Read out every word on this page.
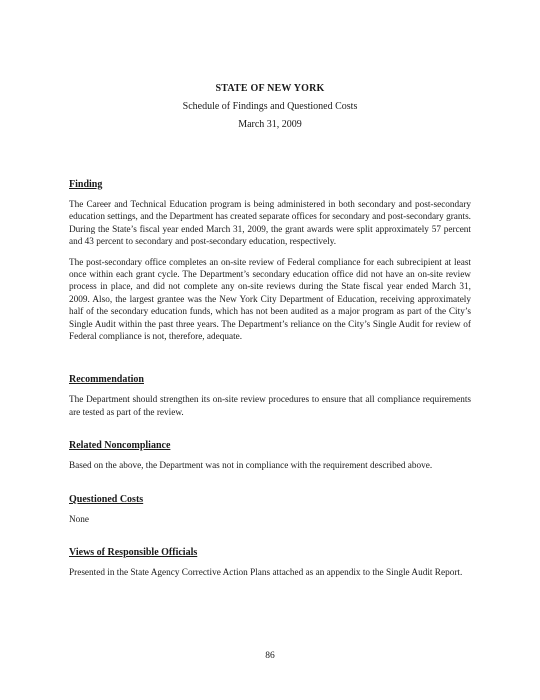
STATE OF NEW YORK
Schedule of Findings and Questioned Costs
March 31, 2009
Finding

The Career and Technical Education program is being administered in both secondary and post-secondary education settings, and the Department has created separate offices for secondary and post-secondary grants. During the State’s fiscal year ended March 31, 2009, the grant awards were split approximately 57 percent and 43 percent to secondary and post-secondary education, respectively.

The post-secondary office completes an on-site review of Federal compliance for each subrecipient at least once within each grant cycle. The Department’s secondary education office did not have an on-site review process in place, and did not complete any on-site reviews during the State fiscal year ended March 31, 2009. Also, the largest grantee was the New York City Department of Education, receiving approximately half of the secondary education funds, which has not been audited as a major program as part of the City’s Single Audit within the past three years. The Department’s reliance on the City’s Single Audit for review of Federal compliance is not, therefore, adequate.

Recommendation

The Department should strengthen its on-site review procedures to ensure that all compliance requirements are tested as part of the review.

Related Noncompliance

Based on the above, the Department was not in compliance with the requirement described above.

Questioned Costs

None

Views of Responsible Officials

Presented in the State Agency Corrective Action Plans attached as an appendix to the Single Audit Report.

86
